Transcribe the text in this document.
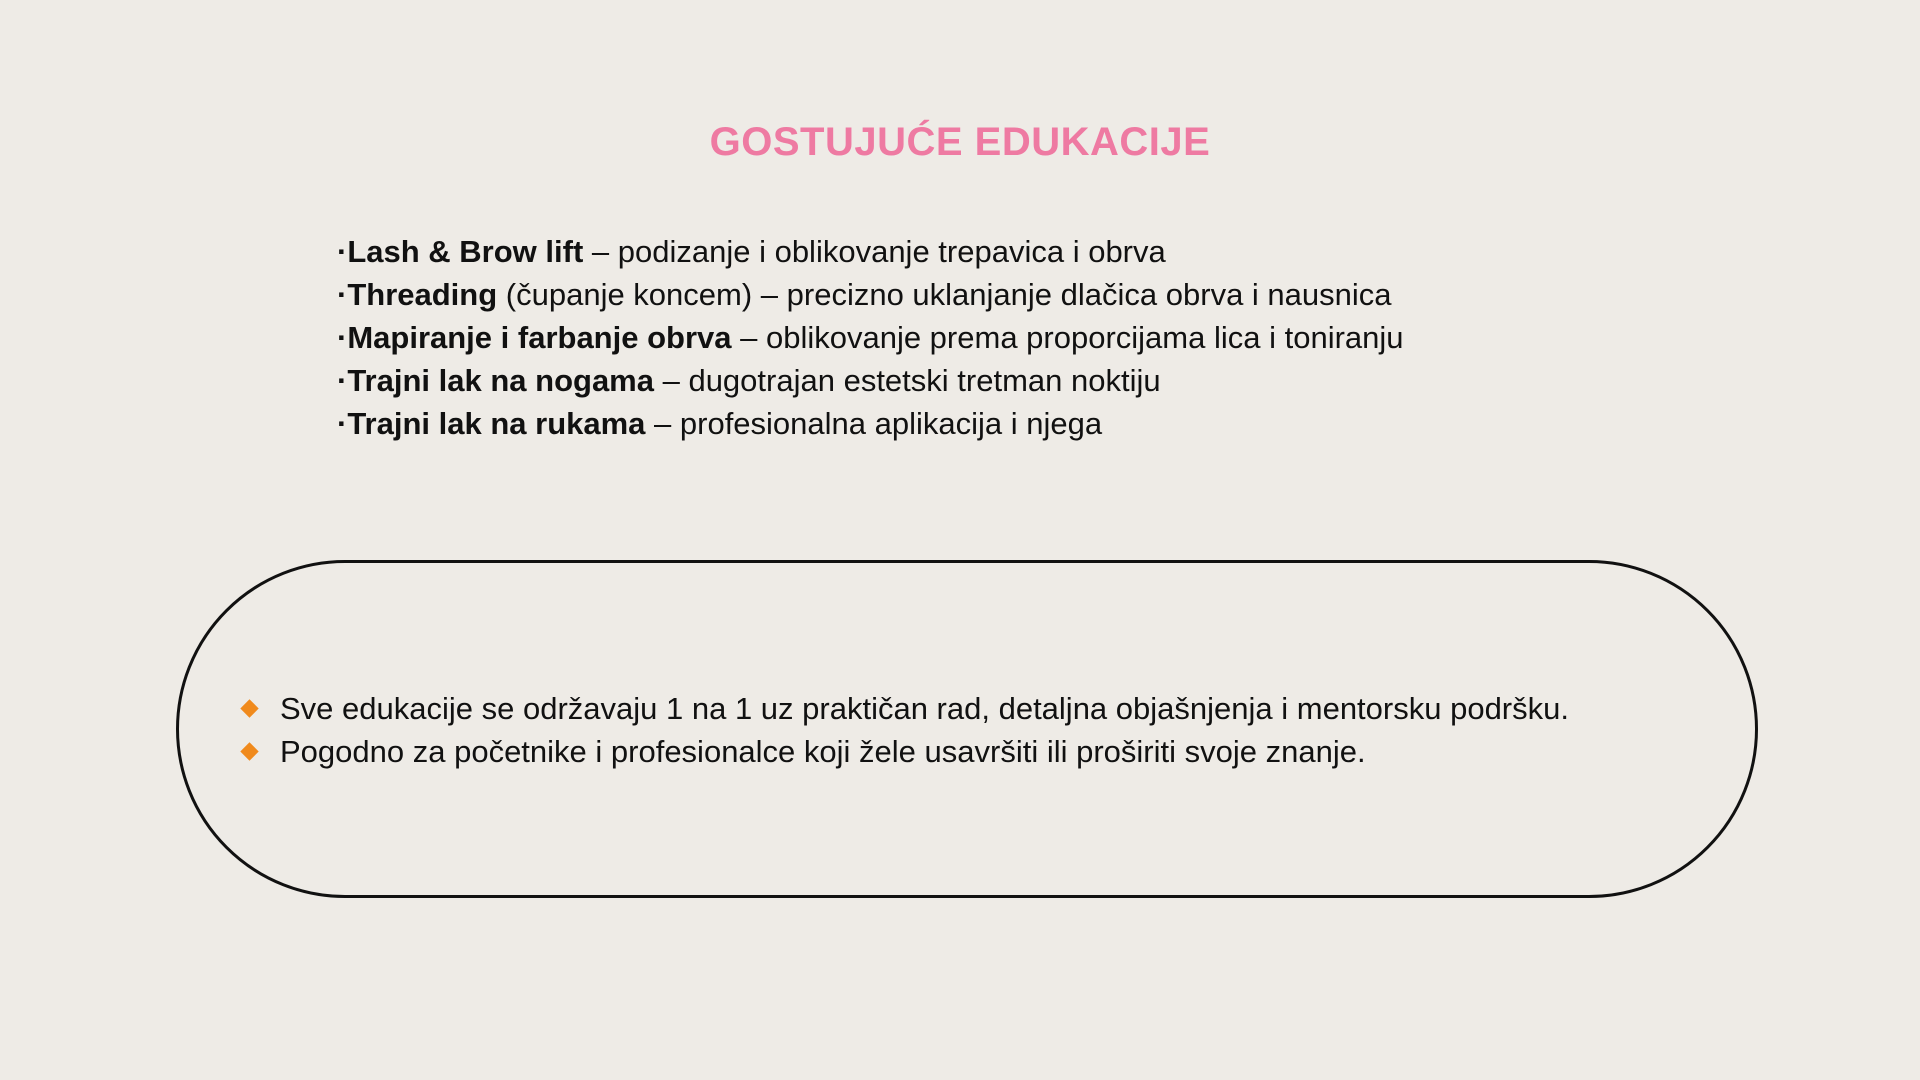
GOSTUJUĆE EDUKACIJE
·Lash & Brow lift – podizanje i oblikovanje trepavica i obrva
·Threading (čupanje koncem) – precizno uklanjanje dlačica obrva i nausnica
·Mapiranje i farbanje obrva – oblikovanje prema proporcijama lica i toniranju
·Trajni lak na nogama – dugotrajan estetski tretman noktiju
·Trajni lak na rukama – profesionalna aplikacija i njega
Sve edukacije se održavaju 1 na 1 uz praktičan rad, detaljna objašnjenja i mentorsku podršku.
Pogodno za početnike i profesionalce koji žele usavršiti ili proširiti svoje znanje.
